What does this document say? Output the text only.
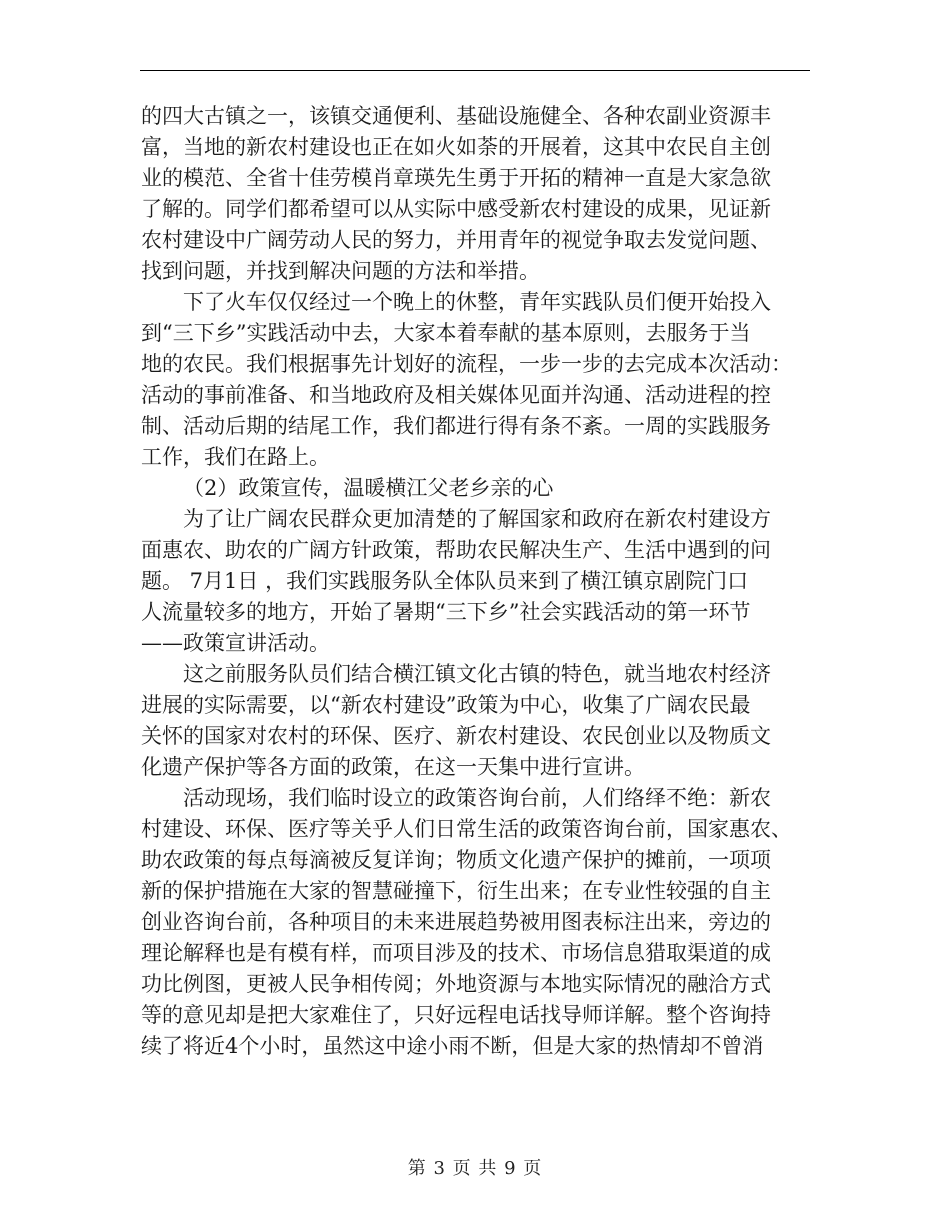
的四大古镇之一，该镇交通便利、基础设施健全、各种农副业资源丰
富，当地的新农村建设也正在如火如荼的开展着，这其中农民自主创
业的模范、全省十佳劳模肖章瑛先生勇于开拓的精神一直是大家急欲
了解的。同学们都希望可以从实际中感受新农村建设的成果，见证新
农村建设中广阔劳动人民的努力，并用青年的视觉争取去发觉问题、
找到问题，并找到解决问题的方法和举措。
下了火车仅仅经过一个晚上的休整，青年实践队员们便开始投入
到“三下乡”实践活动中去，大家本着奉献的基本原则，去服务于当
地的农民。我们根据事先计划好的流程，一步一步的去完成本次活动：
活动的事前准备、和当地政府及相关媒体见面并沟通、活动进程的控
制、活动后期的结尾工作，我们都进行得有条不紊。一周的实践服务
工作，我们在路上。
（2）政策宣传，温暖横江父老乡亲的心
为了让广阔农民群众更加清楚的了解国家和政府在新农村建设方
面惠农、助农的广阔方针政策，帮助农民解决生产、生活中遇到的问
题。 7月1日 ，我们实践服务队全体队员来到了横江镇京剧院门口
人流量较多的地方，开始了暑期“三下乡”社会实践活动的第一环节
——政策宣讲活动。
这之前服务队员们结合横江镇文化古镇的特色，就当地农村经济
进展的实际需要，以“新农村建设”政策为中心，收集了广阔农民最
关怀的国家对农村的环保、医疗、新农村建设、农民创业以及物质文
化遗产保护等各方面的政策，在这一天集中进行宣讲。
活动现场，我们临时设立的政策咨询台前，人们络绎不绝：新农
村建设、环保、医疗等关乎人们日常生活的政策咨询台前，国家惠农、
助农政策的每点每滴被反复详询；物质文化遗产保护的摊前，一项项
新的保护措施在大家的智慧碰撞下，衍生出来；在专业性较强的自主
创业咨询台前，各种项目的未来进展趋势被用图表标注出来，旁边的
理论解释也是有模有样，而项目涉及的技术、市场信息猎取渠道的成
功比例图，更被人民争相传阅；外地资源与本地实际情况的融洽方式
等的意见却是把大家难住了，只好远程电话找导师详解。整个咨询持
续了将近4个小时，虽然这中途小雨不断，但是大家的热情却不曾消
第 3 页 共 9 页
